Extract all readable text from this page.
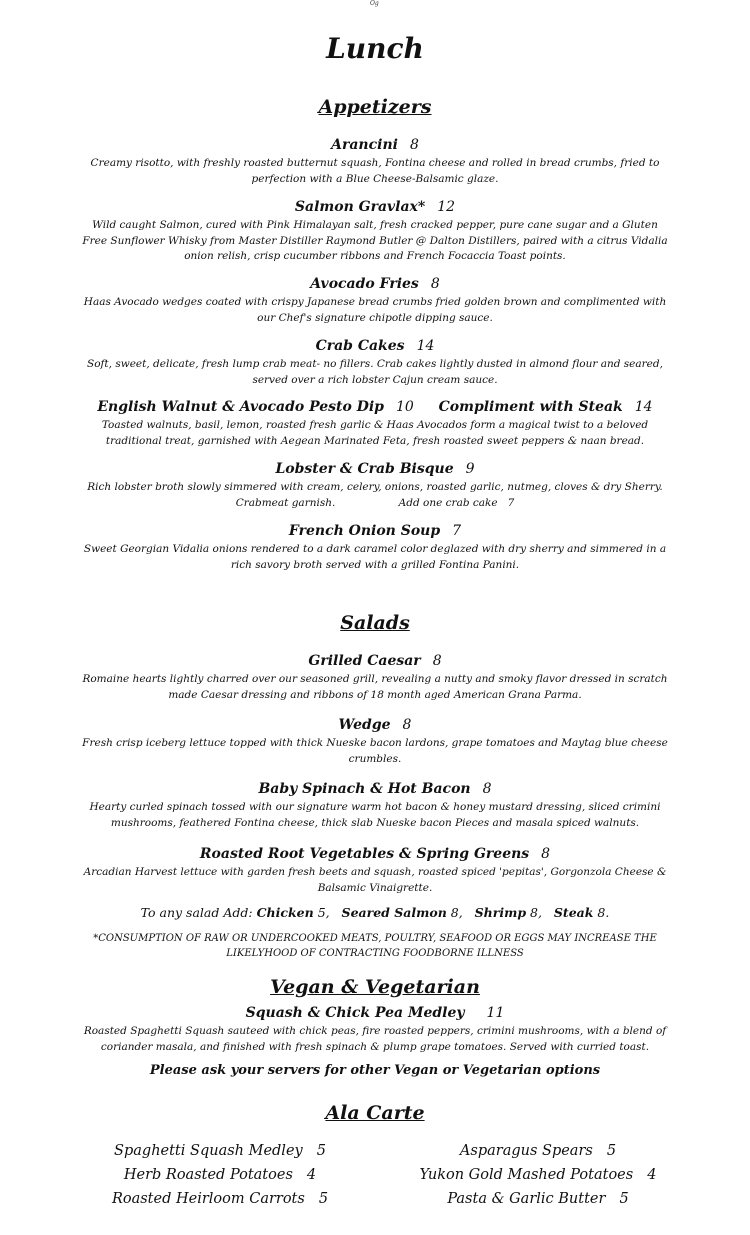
Og
Lunch
Appetizers
Arancini 8
Creamy risotto, with freshly roasted butternut squash, Fontina cheese and rolled in bread crumbs, fried to perfection with a Blue Cheese-Balsamic glaze.
Salmon Gravlax* 12
Wild caught Salmon, cured with Pink Himalayan salt, fresh cracked pepper, pure cane sugar and a Gluten Free Sunflower Whisky from Master Distiller Raymond Butler @ Dalton Distillers, paired with a citrus Vidalia onion relish, crisp cucumber ribbons and French Focaccia Toast points.
Avocado Fries 8
Haas Avocado wedges coated with crispy Japanese bread crumbs fried golden brown and complimented with our Chef's signature chipotle dipping sauce.
Crab Cakes 14
Soft, sweet, delicate, fresh lump crab meat- no fillers. Crab cakes lightly dusted in almond flour and seared, served over a rich lobster Cajun cream sauce.
English Walnut & Avocado Pesto Dip 10 Compliment with Steak 14
Toasted walnuts, basil, lemon, roasted fresh garlic & Haas Avocados form a magical twist to a beloved traditional treat, garnished with Aegean Marinated Feta, fresh roasted sweet peppers & naan bread.
Lobster & Crab Bisque 9
Rich lobster broth slowly simmered with cream, celery, onions, roasted garlic, nutmeg, cloves & dry Sherry.
Crabmeat garnish.	Add one crab cake 7
French Onion Soup 7
Sweet Georgian Vidalia onions rendered to a dark caramel color deglazed with dry sherry and simmered in a rich savory broth served with a grilled Fontina Panini.
Salads
Grilled Caesar 8
Romaine hearts lightly charred over our seasoned grill, revealing a nutty and smoky flavor dressed in scratch made Caesar dressing and ribbons of 18 month aged American Grana Parma.
Wedge 8
Fresh crisp iceberg lettuce topped with thick Nueske bacon lardons, grape tomatoes and Maytag blue cheese crumbles.
Baby Spinach & Hot Bacon 8
Hearty curled spinach tossed with our signature warm hot bacon & honey mustard dressing, sliced crimini mushrooms, feathered Fontina cheese, thick slab Nueske bacon Pieces and masala spiced walnuts.
Roasted Root Vegetables & Spring Greens 8
Arcadian Harvest lettuce with garden fresh beets and squash, roasted spiced 'pepitas', Gorgonzola Cheese & Balsamic Vinaigrette.
To any salad Add: Chicken 5, Seared Salmon 8, Shrimp 8, Steak 8.
*CONSUMPTION OF RAW OR UNDERCOOKED MEATS, POULTRY, SEAFOOD OR EGGS MAY INCREASE THE LIKELYHOOD OF CONTRACTING FOODBORNE ILLNESS
Vegan & Vegetarian
Squash & Chick Pea Medley 11
Roasted Spaghetti Squash sauteed with chick peas, fire roasted peppers, crimini mushrooms, with a blend of coriander masala, and finished with fresh spinach & plump grape tomatoes. Served with curried toast.
Please ask your servers for other Vegan or Vegetarian options
Ala Carte
Spaghetti Squash Medley 5
Herb Roasted Potatoes 4
Roasted Heirloom Carrots 5
Asparagus Spears 5
Yukon Gold Mashed Potatoes 4
Pasta & Garlic Butter 5
